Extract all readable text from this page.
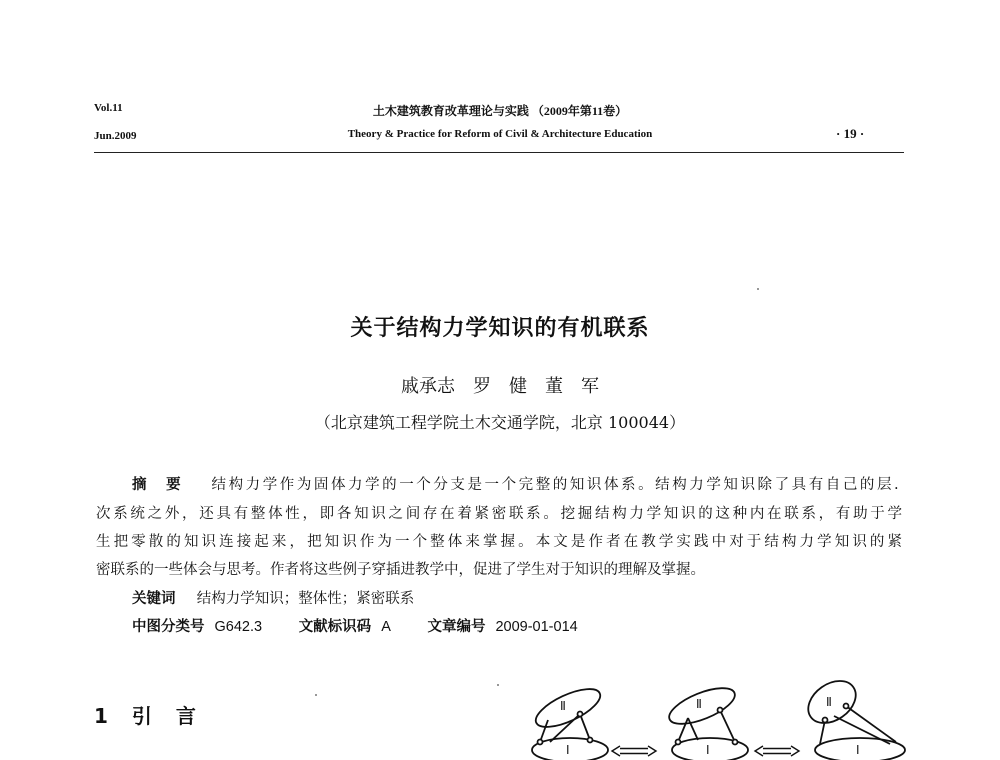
Vol.11
Jun.2009
土木建筑教育改革理论与实践 （2009年第11卷）
Theory & Practice for Reform of Civil & Architecture Education	· 19 ·
关于结构力学知识的有机联系
戚承志　罗　健　董　军
（北京建筑工程学院土木交通学院，北京 100044）
摘　要 结构力学作为固体力学的一个分支是一个完整的知识体系。结构力学知识除了具有自己的层.
次系统之外，还具有整体性，即各知识之间存在着紧密联系。挖掘结构力学知识的这种内在联系，有助于学
生把零散的知识连接起来，把知识作为一个整体来掌握。本文是作者在教学实践中对于结构力学知识的紧
密联系的一些体会与思考。作者将这些例子穿插进教学中，促进了学生对于知识的理解及掌握。
关键词 结构力学知识；整体性；紧密联系
中图分类号 G642.3	文献标识码 A	文章编号 2009-01-014
1　引　言	Ⅱ
Ⅰ
Ⅱ
Ⅰ
Ⅱ
Ⅰ
